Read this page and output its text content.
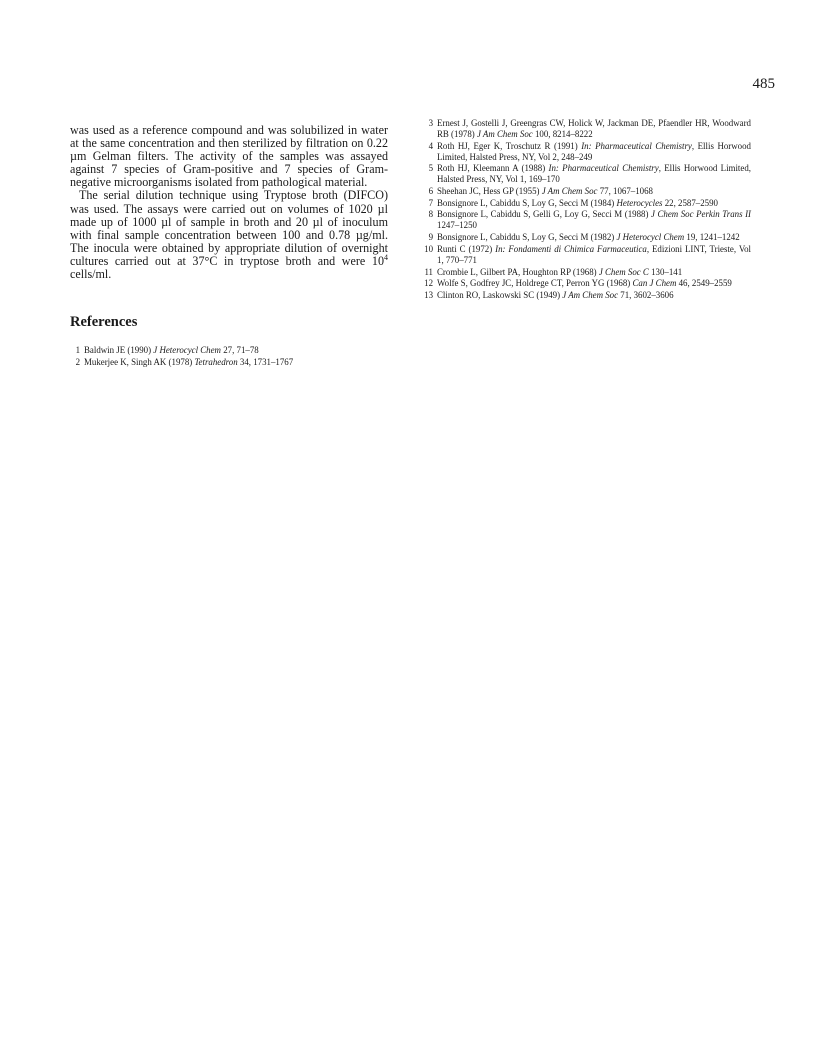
485

was used as a reference compound and was solubilized in water at the same concentration and then sterilized by filtration on 0.22 µm Gelman filters. The activity of the samples was assayed against 7 species of Gram-positive and 7 species of Gram-negative microorganisms isolated from pathological material.

The serial dilution technique using Tryptose broth (DIFCO) was used. The assays were carried out on volumes of 1020 µl made up of 1000 µl of sample in broth and 20 µl of inoculum with final sample concentration between 100 and 0.78 µg/ml. The inocula were obtained by appropriate dilution of overnight cultures carried out at 37°C in tryptose broth and were $10^4$ cells/ml.

References
1 Baldwin JE (1990) J Heterocycl Chem 27, 71–78
2 Mukerjee K, Singh AK (1978) Tetrahedron 34, 1731–1767
3 Ernest J, Gostelli J, Greengras CW, Holick W, Jackman DE, Pfaendler HR, Woodward RB (1978) J Am Chem Soc 100, 8214–8222
4 Roth HJ, Eger K, Troschutz R (1991) In: Pharmaceutical Chemistry, Ellis Horwood Limited, Halsted Press, NY, Vol 2, 248–249
5 Roth HJ, Kleemann A (1988) In: Pharmaceutical Chemistry, Ellis Horwood Limited, Halsted Press, NY, Vol 1, 169–170
6 Sheehan JC, Hess GP (1955) J Am Chem Soc 77, 1067–1068
7 Bonsignore L, Cabiddu S, Loy G, Secci M (1984) Heterocycles 22, 2587–2590
8 Bonsignore L, Cabiddu S, Gelli G, Loy G, Secci M (1988) J Chem Soc Perkin Trans II 1247–1250
9 Bonsignore L, Cabiddu S, Loy G, Secci M (1982) J Heterocycl Chem 19, 1241–1242
10 Runti C (1972) In: Fondamenti di Chimica Farmaceutica, Edizioni LINT, Trieste, Vol 1, 770–771
11 Crombie L, Gilbert PA, Houghton RP (1968) J Chem Soc C 130–141
12 Wolfe S, Godfrey JC, Holdrege CT, Perron YG (1968) Can J Chem 46, 2549–2559
13 Clinton RO, Laskowski SC (1949) J Am Chem Soc 71, 3602–3606
